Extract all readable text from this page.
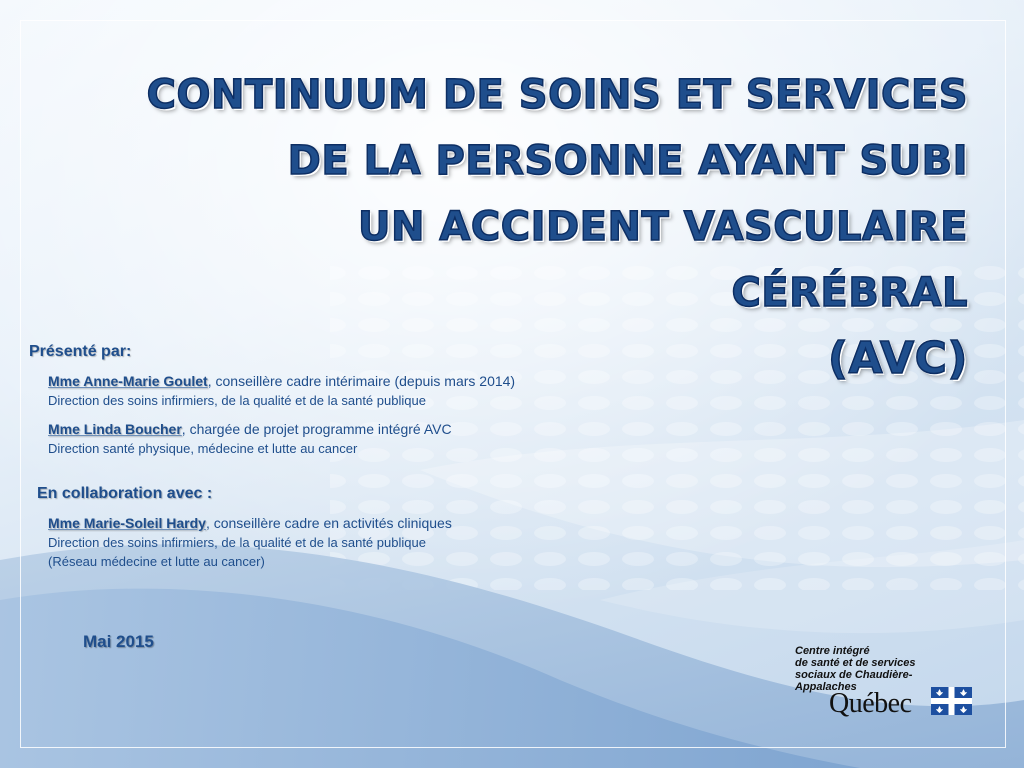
CONTINUUM DE SOINS ET SERVICES
DE LA PERSONNE AYANT SUBI
UN ACCIDENT VASCULAIRE CÉRÉBRAL
(AVC)
Présenté par:
Mme Anne-Marie Goulet, conseillère cadre intérimaire (depuis mars 2014)
Direction des soins infirmiers, de la qualité et de la santé publique
Mme Linda Boucher, chargée de projet programme intégré AVC
Direction santé physique, médecine et lutte au cancer
En collaboration avec :
Mme Marie-Soleil Hardy, conseillère cadre en activités cliniques
Direction des soins infirmiers, de la qualité et de la santé publique
(Réseau médecine et lutte au cancer)
Mai 2015	Centre intégré
de santé et de services
sociaux de Chaudière-
Appalaches
Québec
